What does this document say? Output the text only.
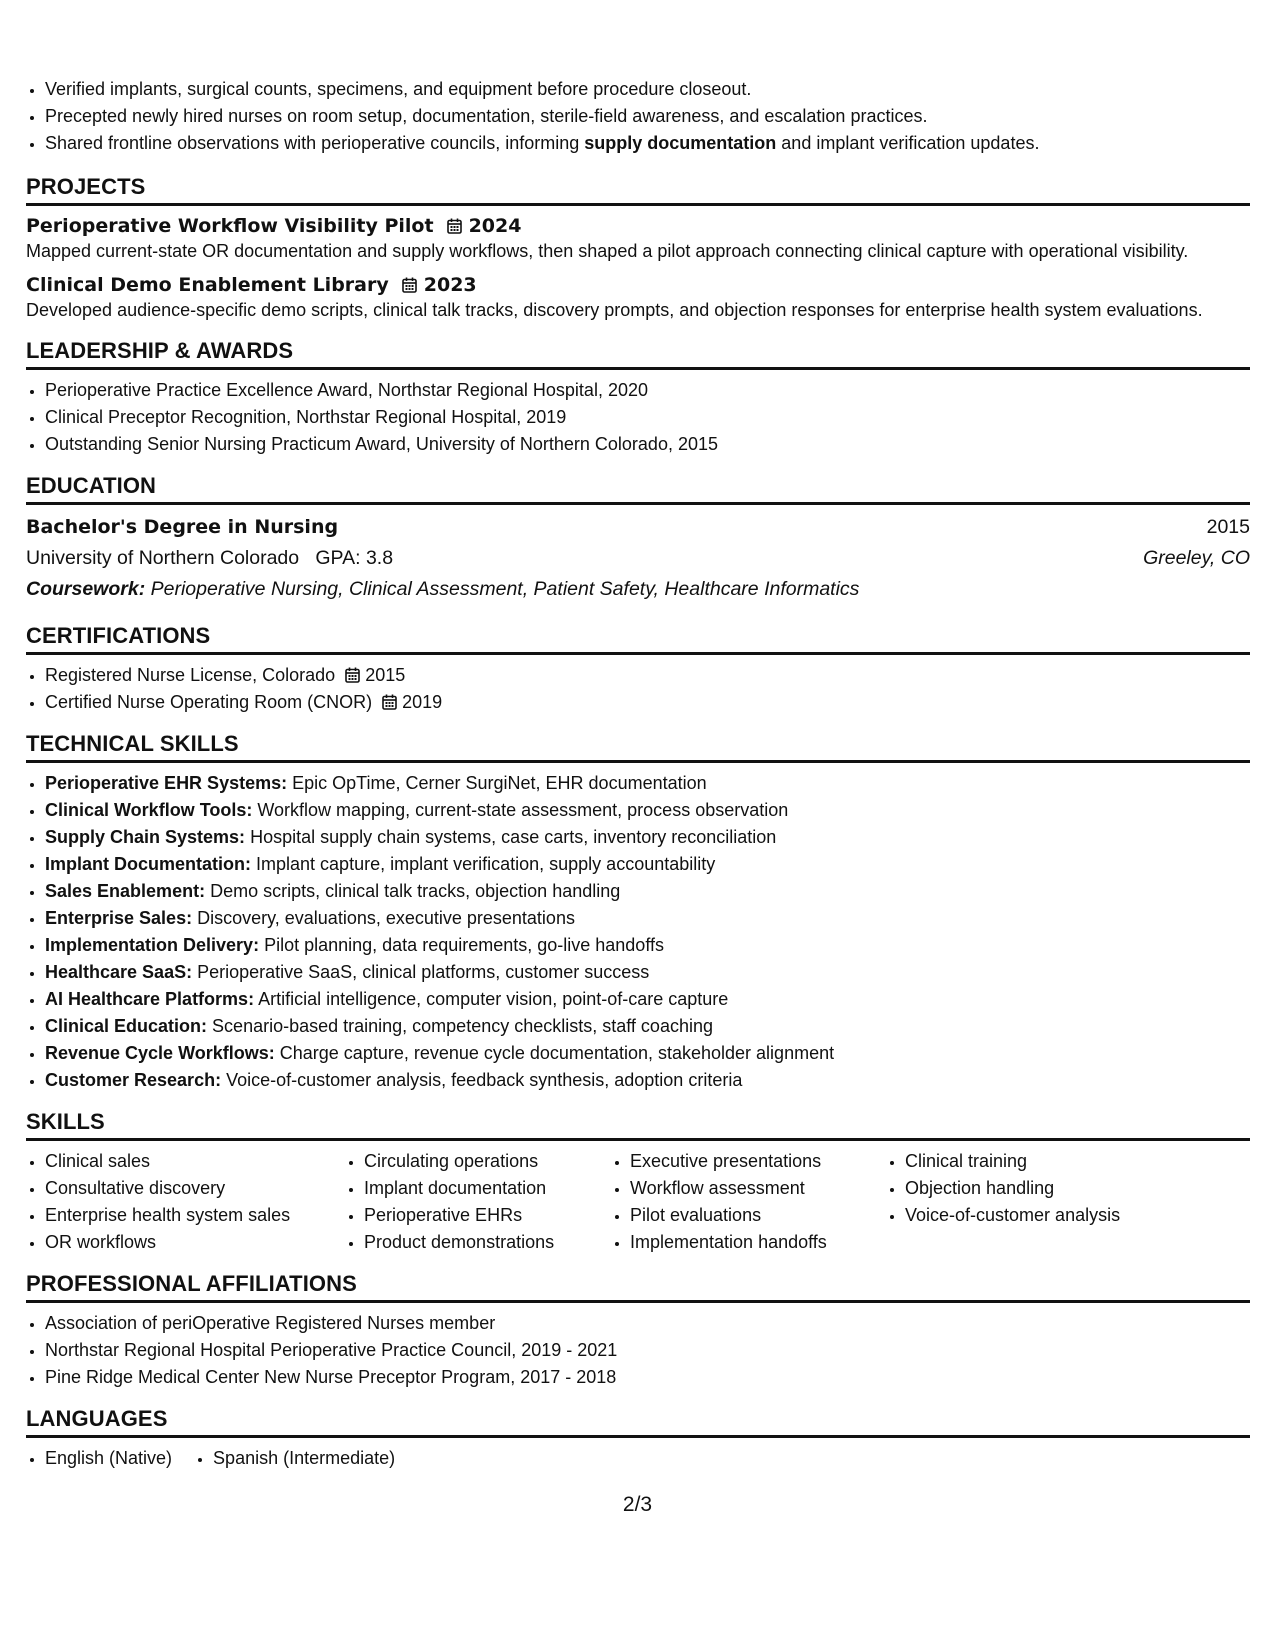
• Verified implants, surgical counts, specimens, and equipment before procedure closeout.
• Precepted newly hired nurses on room setup, documentation, sterile-field awareness, and escalation practices.
• Shared frontline observations with perioperative councils, informing supply documentation and implant verification updates.
PROJECTS
Perioperative Workflow Visibility Pilot 2024
Mapped current-state OR documentation and supply workflows, then shaped a pilot approach connecting clinical capture with operational visibility.
Clinical Demo Enablement Library 2023
Developed audience-specific demo scripts, clinical talk tracks, discovery prompts, and objection responses for enterprise health system evaluations.
LEADERSHIP & AWARDS
• Perioperative Practice Excellence Award, Northstar Regional Hospital, 2020
• Clinical Preceptor Recognition, Northstar Regional Hospital, 2019
• Outstanding Senior Nursing Practicum Award, University of Northern Colorado, 2015
EDUCATION
Bachelor's Degree in Nursing	2015
University of Northern Colorado GPA: 3.8	Greeley, CO
Coursework: Perioperative Nursing, Clinical Assessment, Patient Safety, Healthcare Informatics
CERTIFICATIONS
• Registered Nurse License, Colorado 2015
• Certified Nurse Operating Room (CNOR) 2019
TECHNICAL SKILLS
• Perioperative EHR Systems: Epic OpTime, Cerner SurgiNet, EHR documentation
• Clinical Workflow Tools: Workflow mapping, current-state assessment, process observation
• Supply Chain Systems: Hospital supply chain systems, case carts, inventory reconciliation
• Implant Documentation: Implant capture, implant verification, supply accountability
• Sales Enablement: Demo scripts, clinical talk tracks, objection handling
• Enterprise Sales: Discovery, evaluations, executive presentations
• Implementation Delivery: Pilot planning, data requirements, go-live handoffs
• Healthcare SaaS: Perioperative SaaS, clinical platforms, customer success
• AI Healthcare Platforms: Artificial intelligence, computer vision, point-of-care capture
• Clinical Education: Scenario-based training, competency checklists, staff coaching
• Revenue Cycle Workflows: Charge capture, revenue cycle documentation, stakeholder alignment
• Customer Research: Voice-of-customer analysis, feedback synthesis, adoption criteria
SKILLS
• Clinical sales
• Consultative discovery
• Enterprise health system sales
• OR workflows
• Circulating operations
• Implant documentation
• Perioperative EHRs
• Product demonstrations
• Executive presentations
• Workflow assessment
• Pilot evaluations
• Implementation handoffs
• Clinical training
• Objection handling
• Voice-of-customer analysis
PROFESSIONAL AFFILIATIONS
• Association of periOperative Registered Nurses member
• Northstar Regional Hospital Perioperative Practice Council, 2019 - 2021
• Pine Ridge Medical Center New Nurse Preceptor Program, 2017 - 2018
LANGUAGES
• English (Native)
• Spanish (Intermediate)
2/3
